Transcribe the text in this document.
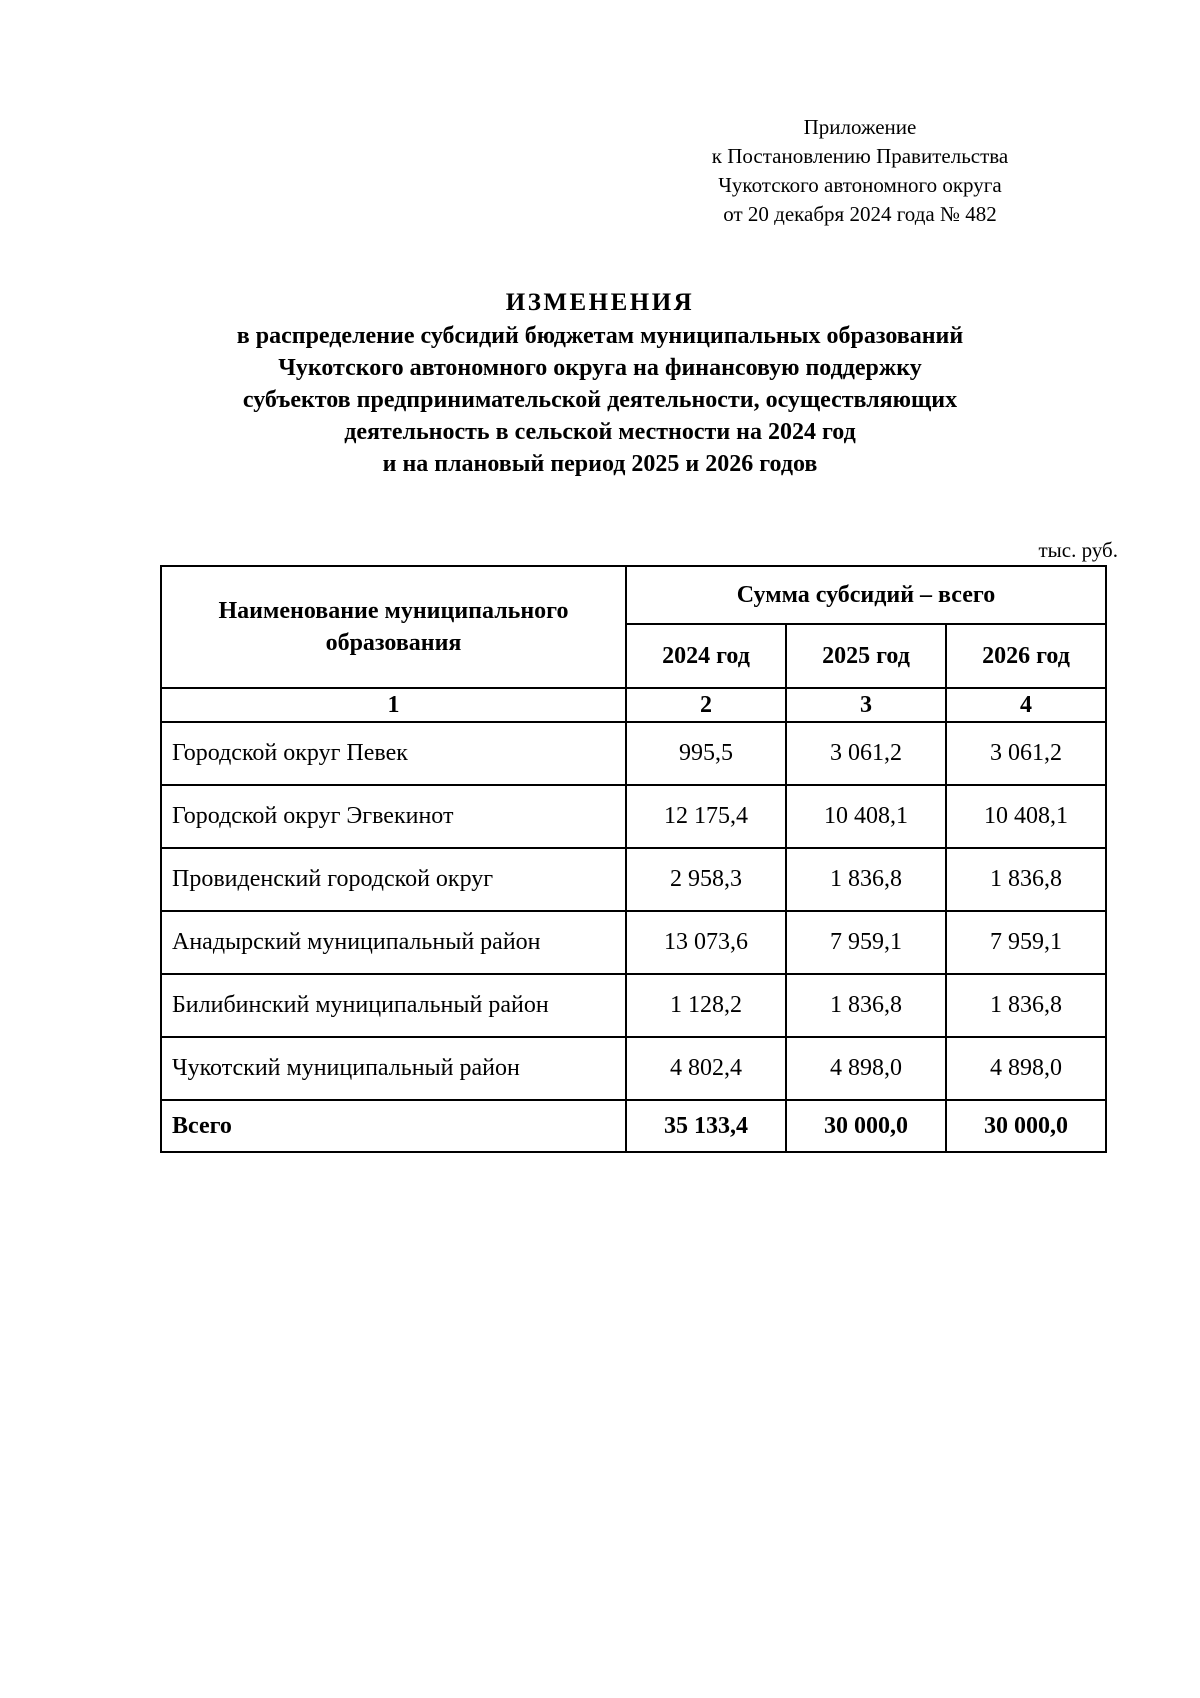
Приложение
к Постановлению Правительства
Чукотского автономного округа
от 20 декабря 2024 года № 482
ИЗМЕНЕНИЯ
в распределение субсидий бюджетам муниципальных образований
Чукотского автономного округа на финансовую поддержку
субъектов предпринимательской деятельности, осуществляющих
деятельность в сельской местности на 2024 год
и на плановый период 2025 и 2026 годов
тыс. руб.
Наименование муниципального образования	Сумма субсидий – всего		
	2024 год	2025 год	2026 год
1	2	3	4
Городской округ Певек	995,5	3 061,2	3 061,2
Городской округ Эгвекинот	12 175,4	10 408,1	10 408,1
Провиденский городской округ	2 958,3	1 836,8	1 836,8
Анадырский муниципальный район	13 073,6	7 959,1	7 959,1
Билибинский муниципальный район	1 128,2	1 836,8	1 836,8
Чукотский муниципальный район	4 802,4	4 898,0	4 898,0
Всего	35 133,4	30 000,0	30 000,0
